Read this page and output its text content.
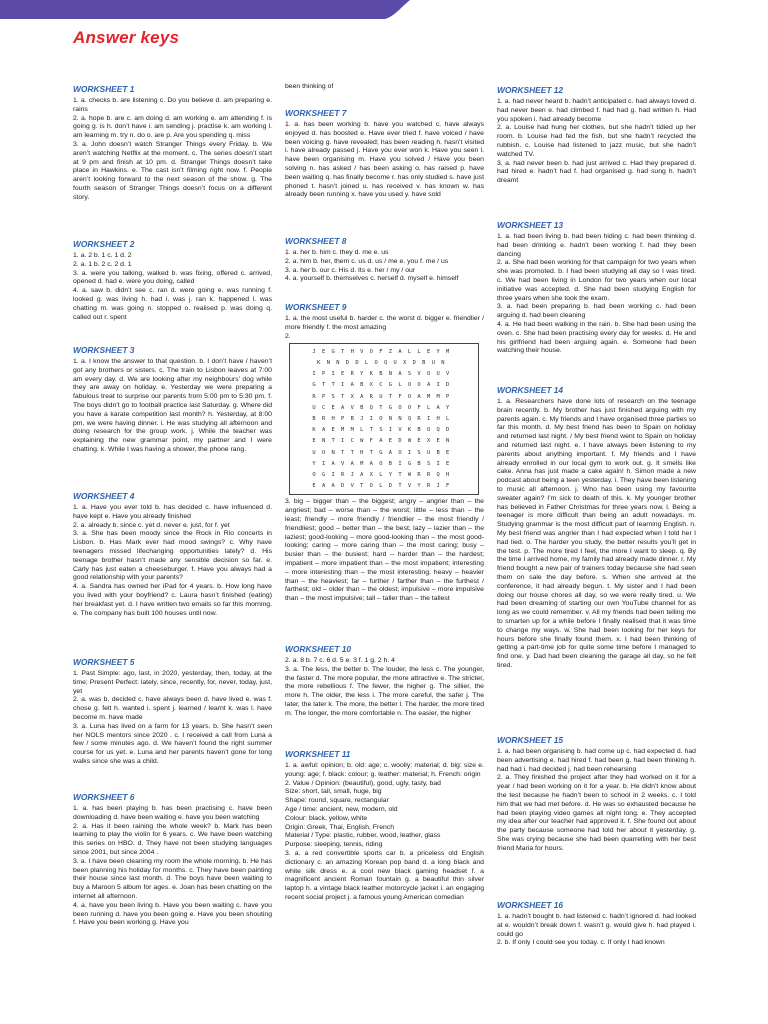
Answer keys
WORKSHEET 1

1. a. checks b. are listening c. Do you believe d. am preparing e. rains

2. a. hope b. are c. am doing d. am working e. am attending f. is going g. is h. don’t have i. am sending j. practise k. am working l. am learning m. try n. do o. are p. Are you spending q. miss

3. a. John doesn’t watch Stranger Things every Friday. b. We aren’t watching Netflix at the moment. c. The series doesn’t start at 9 pm and finish at 10 pm. d. Stranger Things doesn’t take place in Hawkins. e. The cast isn’t filming right now. f. People aren’t looking forward to the next season of the show. g. The fourth season of Stranger Things doesn’t focus on a different story.

WORKSHEET 2

1. a. 2 b. 1 c. 1 d. 2

2. a. 1 b. 2 c. 2 d. 1

3. a. were you talking, walked b. was fixing, offered c. arrived, opened d. had e. were you doing, called

4. a. saw b. didn’t see c. ran d. were going e. was running f. looked g. was living h. had i. was j. ran k. happened l. was chatting m. was going n. stopped o. realised p. was doing q. called out r. spent

WORKSHEET 3

1. a. I know the answer to that question. b. I don’t have / haven’t got any brothers or sisters. c. The train to Lisbon leaves at 7:00 am every day. d. We are looking after my neighbours’ dog while they are away on holiday. e. Yesterday we were preparing a fabulous treat to surprise our parents from 5:00 pm to 5:30 pm. f. The boys didn’t go to football practice last Saturday. g. Where did you have a karate competition last month? h. Yesterday, at 8:00 pm, we were having dinner. i. He was studying all afternoon and doing research for the group work. j. While the teacher was explaining the new grammar point, my partner and I were chatting. k. While I was having a shower, the phone rang.

WORKSHEET 4

1. a. Have you ever told b. has decided c. have influenced d. have kept e. Have you already finished

2. a. already b. since c. yet d. never e. just, for f. yet

3. a. She has been moody since the Rock in Rio concerts in Lisbon. b. Has Mark ever had mood swings? c. Why have teenagers missed lifechanging opportunities lately? d. His teenage brother hasn’t made any sensible decision so far. e. Carly has just eaten a cheeseburger. f. Have you always had a good relationship with your parents?

4. a. Sandra has owned her iPad for 4 years. b. How long have you lived with your boyfriend? c. Laura hasn’t finished (eating) her breakfast yet. d. I have written two emails so far this morning. e. The company has built 100 houses until now.

WORKSHEET 5

1. Past Simple: ago, last, in 2020, yesterday, then, today, at the time; Present Perfect: lately, since, recently, for, never, today, just, yet

2. a. was b. decided c. have always been d. have lived e. was f. chose g. felt h. wanted i. spent j. learned / learnt k. was l. have become m. have made

3. a. Luna has lived on a farm for 13 years. b. She hasn’t seen her NOLS mentors since 2020 . c. I received a call from Luna a few / some minutes ago. d. We haven’t found the right summer course for us yet. e. Luna and her parents haven’t gone for long walks since she was a child.

WORKSHEET 6

1. a. has been playing b. has been practising c. have been downloading d. have been waiting e. have you been watching

2. a. Has it been raining the whole week? b. Mark has been learning to play the violin for 6 years. c. We have been watching this series on HBO. d. They have not been studying languages since 2001, but since 2004 .

3. a. I have been cleaning my room the whole morning. b. He has been planning his holiday for months. c. They have been painting their house since last month. d. The boys have been waiting to buy a Maroon 5 album for ages. e. Joan has been chatting on the internet all afternoon.

4. a. have you been living b. Have you been waiting c. have you been running d. have you been going e. Have you been shouting f. Have you been working g. Have you

been thinking of
WORKSHEET 7

1. a. has been working b. have you watched c. have always enjoyed d. has boosted e. Have ever tried f. have voiced / have been voicing g. have revealed; has been reading h. hasn’t visited i. have already passed j. Have you ever won k. Have you seen l. have been organising m. Have you solved / Have you been solving n. has asked / has been asking o. has raised p. have been waiting q. has finally become r. has only studied s. have just phoned t. hasn’t joined u. has received v. has known w. has already been running x. have you used y. have sold

WORKSHEET 8

1. a. her b. him c. they d. me e. us

2. a. him b. her, them c. us d. us / me e. you f. me / us

3. a. her b. our c. His d. Its e. her / my / our

4. a. yourself b. themselves c. herself d. myself e. himself

WORKSHEET 9

1. a. the most useful b. harder c. the worst d. bigger e. friendlier / more friendly f. the most amazing

2.

JEGTHVOFZALLEYM
KNNDDLOQUXDBUN
IPIERYKBNASVOUV
GTTIABXCGLOOAID
RPSTXARUTFOAMMP
UCEAVBQTGOOFLAY
BRHPBJIONNQRIHL
KAEMMLTSIVKBOQD
ENTICWFAEDWEXEN
UONTTHTGAOISUBE
YIAVAMAOBIGBSIE
OGIRJAXLYTWRRQH
EAADVTOLDTVYRJF

3. big – bigger than – the biggest; angry – angrier than – the angriest; bad – worse than – the worst; little – less than – the least; friendly – more friendly / friendlier – the most friendly / friendliest; good – better than – the best; lazy – lazier than – the laziest; good-looking – more good-looking than – the most good-looking; caring – more caring than – the most caring; busy – busier than – the busiest; hard – harder than – the hardest; impatient – more impatient than – the most impatient; interesting – more interesting than – the most interesting; heavy – heavier than – the heaviest; far – further / farther than – the furthest / farthest; old – older than – the oldest; impulsive – more impulsive than – the most impulsive; tall – taller than – the tallest

WORKSHEET 10

2. a. 8 b. 7 c. 6 d. 5 e. 3 f. 1 g. 2 h. 4

3. a. The less, the better b. The louder, the less c. The younger, the faster d. The more popular, the more attractive e. The stricter, the more rebellious f. The fewer, the higher g. The sillier, the more h. The older, the less i. The more careful, the safer j. The later, the later k. The more, the better l. The harder, the more tired m. The longer, the more comfortable n. The easier, the higher

WORKSHEET 11

1. a. awful: opinion; b. old: age; c. woolly: material; d. big: size e. young: age; f. black: colour; g. leather: material; h. French: origin

2. Value / Opinion: (beautiful), good, ugly, tasty, bad

Size: short, tall, small, huge, big

Shape: round, square, rectangular

Age / time: ancient, new, modern, old

Colour: black, yellow, white

Origin: Greek, Thai, English, French

Material / Type: plastic, rubber, wood, leather, glass

Purpose: sleeping, tennis, riding

3. a. a red convertible sports car b. a priceless old English dictionary c. an amazing Korean pop band d. a long black and white silk dress e. a cool new black gaming headset f. a magnificent ancient Roman fountain g. a beautiful thin silver laptop h. a vintage black leather motorcycle jacket i. an engaging recent social project j. a famous young American comedian

WORKSHEET 12

1. a. had never heard b. hadn’t anticipated c. had always loved d. had never been e. had climbed f. had had g. had written h. Had you spoken i. had already become

2. a. Louise had hung her clothes, but she hadn’t tidied up her room. b. Louise had fed the fish, but she hadn’t recycled the rubbish. c. Louise had listened to jazz music, but she hadn’t watched TV.

3. a. had never been b. had just arrived c. Had they prepared d. had hired e. hadn’t had f. had organised g. had sung h. hadn’t dreamt

WORKSHEET 13

1. a. had been living b. had been hiding c. had been thinking d. had been drinking e. hadn’t been working f. had they been dancing

2. a. She had been working for that campaign for two years when she was promoted. b. I had been studying all day so I was tired. c. We had been living in London for two years when our local initiative was accepted. d. She had been studying English for three years when she took the exam.

3. a. had been preparing b. had been working c. had been arguing d. had been cleaning

4. a. He had been walking in the rain. b. She had been using the oven. c. She had been practising every day for weeks. d. He and his girlfriend had been arguing again. e. Someone had been watching their house.

WORKSHEET 14

1. a. Researchers have done lots of research on the teenage brain recently. b. My brother has just finished arguing with my parents again. c. My friends and I have organised three parties so far this month. d. My best friend has been to Spain on holiday and returned last night. / My best friend went to Spain on holiday and returned last night. e. I have always been listening to my parents about anything important. f. My friends and I have already enrolled in our local gym to work out. g. It smells like cake. Anna has just made a cake again! h. Simon made a new podcast about being a teen yesterday. i. They have been listening to music all afternoon. j. Who has been using my favourite sweater again? I’m sick to death of this. k. My younger brother has believed in Father Christmas for three years now. l. Being a teenager is more difficult than being an adult nowadays. m. Studying grammar is the most difficult part of learning English. n. My best friend was angrier than I had expected when I told her I had lied. o. The harder you study, the better results you’ll get in the test. p. The more tired I feel, the more I want to sleep. q. By the time I arrived home, my family had already made dinner. r. My friend bought a new pair of trainers today because she had seen them on sale the day before. s. When she arrived at the conference, it had already begun. t. My sister and I had been doing our house chores all day, so we were really tired. u. We had been dreaming of starting our own YouTube channel for as long as we could remember. v. All my friends had been telling me to smarten up for a while before I finally realised that it was time to change my ways. w. She had been looking for her keys for hours before she finally found them. x. I had been thinking of getting a part-time job for quite some time before I managed to find one. y. Dad had been cleaning the garage all day, so he felt tired.

WORKSHEET 15

1. a. had been organising b. had come up c. had expected d. had been advertising e. had hired f. had been g. had been thinking h. had had i. had decided j. had been rehearsing

2. a. They finished the project after they had worked on it for a year / had been working on it for a year. b. He didn’t know about the test because he hadn’t been to school in 2 weeks. c. I told him that we had met before. d. He was so exhausted because he had been playing video games all night long. e. They accepted my idea after our teacher had approved it. f. She found out about the party because someone had told her about it yesterday. g. She was crying because she had been quarrelling with her best friend Maria for hours.

WORKSHEET 16

1. a. hadn’t bought b. had listened c. hadn’t ignored d. had looked at e. wouldn’t break down f. wasn’t g. would give h. had played i. could go

2. b. If only I could see you today. c. If only I had known
